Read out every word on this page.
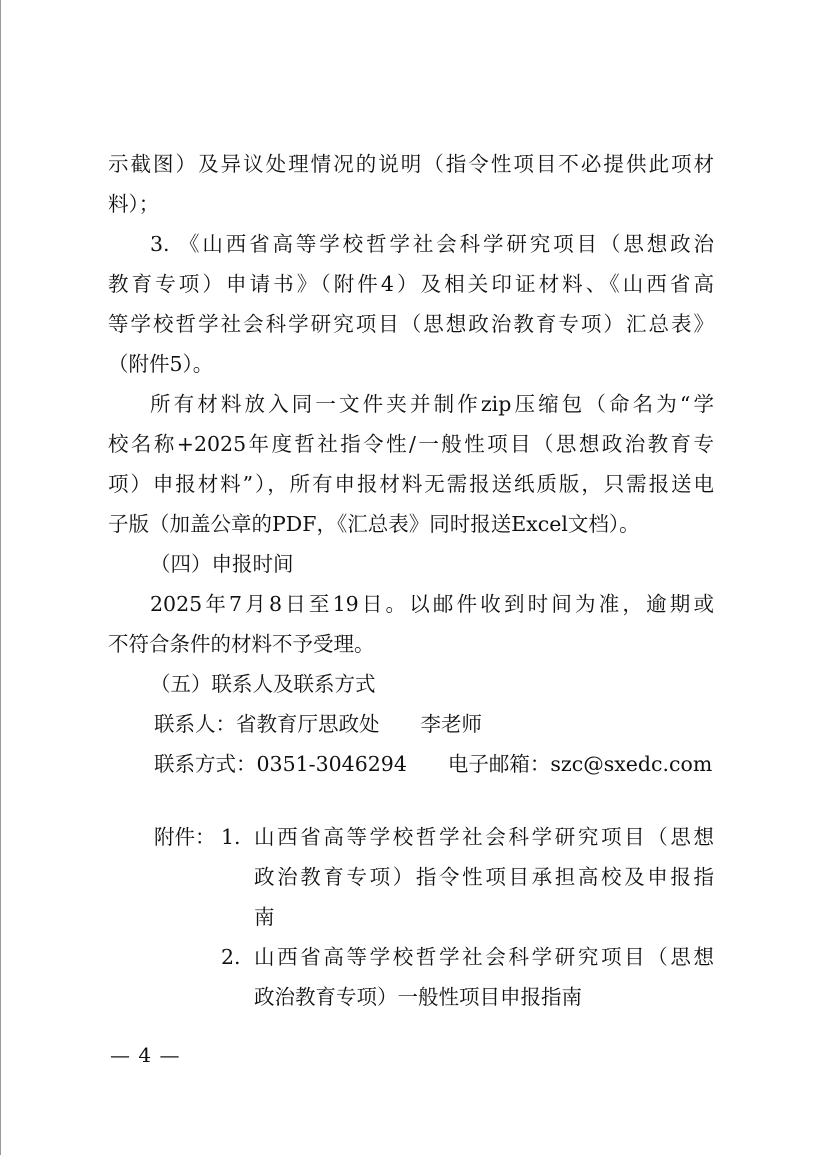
示截图）及异议处理情况的说明（指令性项目不必提供此项材
料）；
3. 《山西省高等学校哲学社会科学研究项目（思想政治
教育专项）申请书》（附件4）及相关印证材料、《山西省高
等学校哲学社会科学研究项目（思想政治教育专项）汇总表》
（附件5）。
所有材料放入同一文件夹并制作zip压缩包（命名为“学
校名称+2025年度哲社指令性/一般性项目（思想政治教育专
项）申报材料”），所有申报材料无需报送纸质版，只需报送电
子版（加盖公章的PDF，《汇总表》同时报送Excel文档）。
（四）申报时间
2025年7月8日至19日。以邮件收到时间为准，逾期或
不符合条件的材料不予受理。
（五）联系人及联系方式
联系人：省教育厅思政处　　李老师
联系方式：0351-3046294　　电子邮箱：szc@sxedc.com
附件： 1. 山西省高等学校哲学社会科学研究项目（思想
政治教育专项）指令性项目承担高校及申报指
南
2. 山西省高等学校哲学社会科学研究项目（思想
政治教育专项）一般性项目申报指南
— 4 —
